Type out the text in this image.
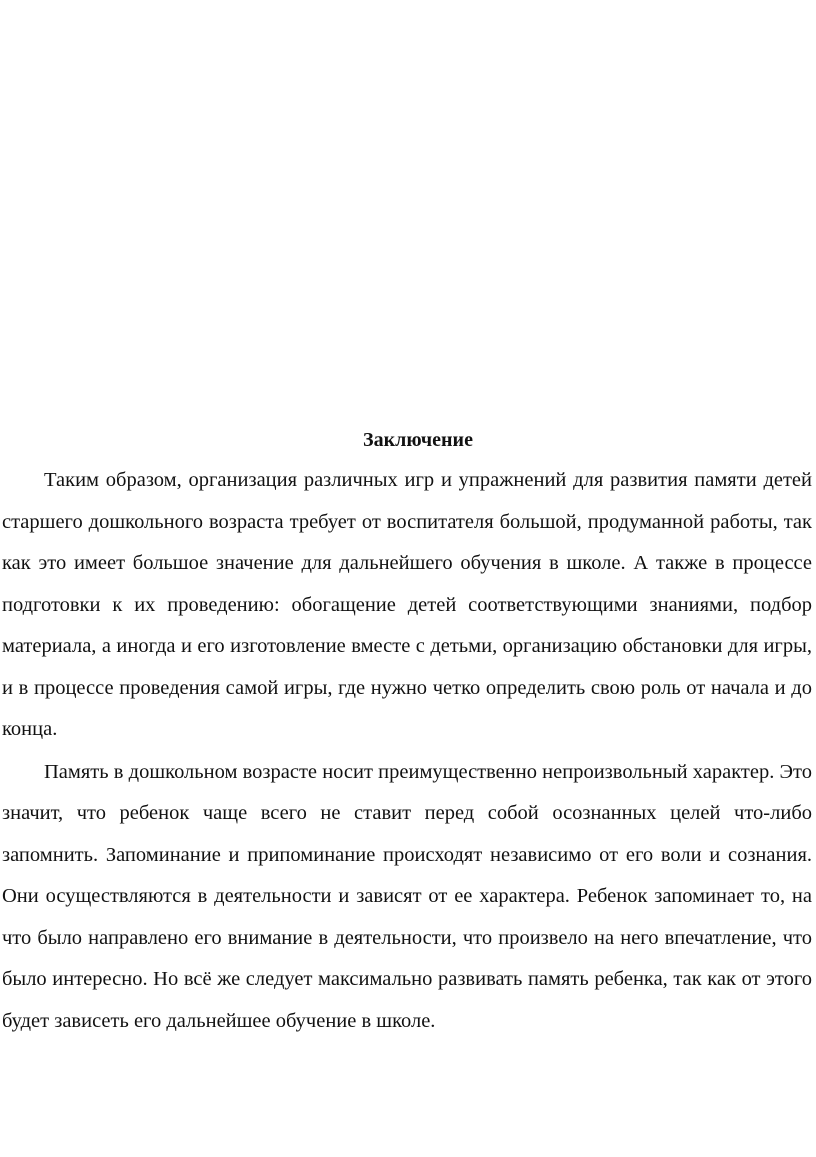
Заключение

Таким образом, организация различных игр и упражнений для развития памяти детей старшего дошкольного возраста требует от воспитателя большой, продуманной работы, так как это имеет большое значение для дальнейшего обучения в школе. А также в процессе подготовки к их проведению: обогащение детей соответствующими знаниями, подбор материала, а иногда и его изготовление вместе с детьми, организацию обстановки для игры, и в процессе проведения самой игры, где нужно четко определить свою роль от начала и до конца.

Память в дошкольном возрасте носит преимущественно непроизвольный характер. Это значит, что ребенок чаще всего не ставит перед собой осознанных целей что-либо запомнить. Запоминание и припоминание происходят независимо от его воли и сознания. Они осуществляются в деятельности и зависят от ее характера. Ребенок запоминает то, на что было направлено его внимание в деятельности, что произвело на него впечатление, что было интересно. Но всё же следует максимально развивать память ребенка, так как от этого будет зависеть его дальнейшее обучение в школе.
